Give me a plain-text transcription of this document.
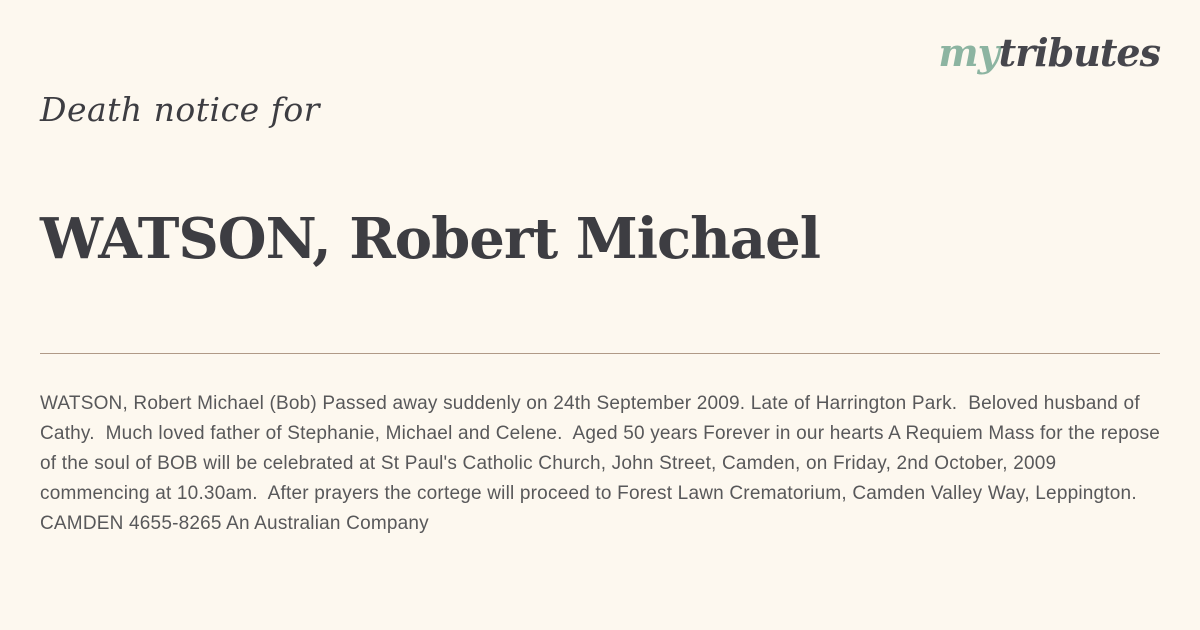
mytributes
Death notice for
WATSON, Robert Michael

WATSON, Robert Michael (Bob) Passed away suddenly on 24th September 2009. Late of Harrington Park.  Beloved husband of Cathy.  Much loved father of Stephanie, Michael and Celene.  Aged 50 years Forever in our hearts A Requiem Mass for the repose of the soul of BOB will be celebrated at St Paul's Catholic Church, John Street, Camden, on Friday, 2nd October, 2009 commencing at 10.30am.  After prayers the cortege will proceed to Forest Lawn Crematorium, Camden Valley Way, Leppington.  CAMDEN 4655-8265 An Australian Company
